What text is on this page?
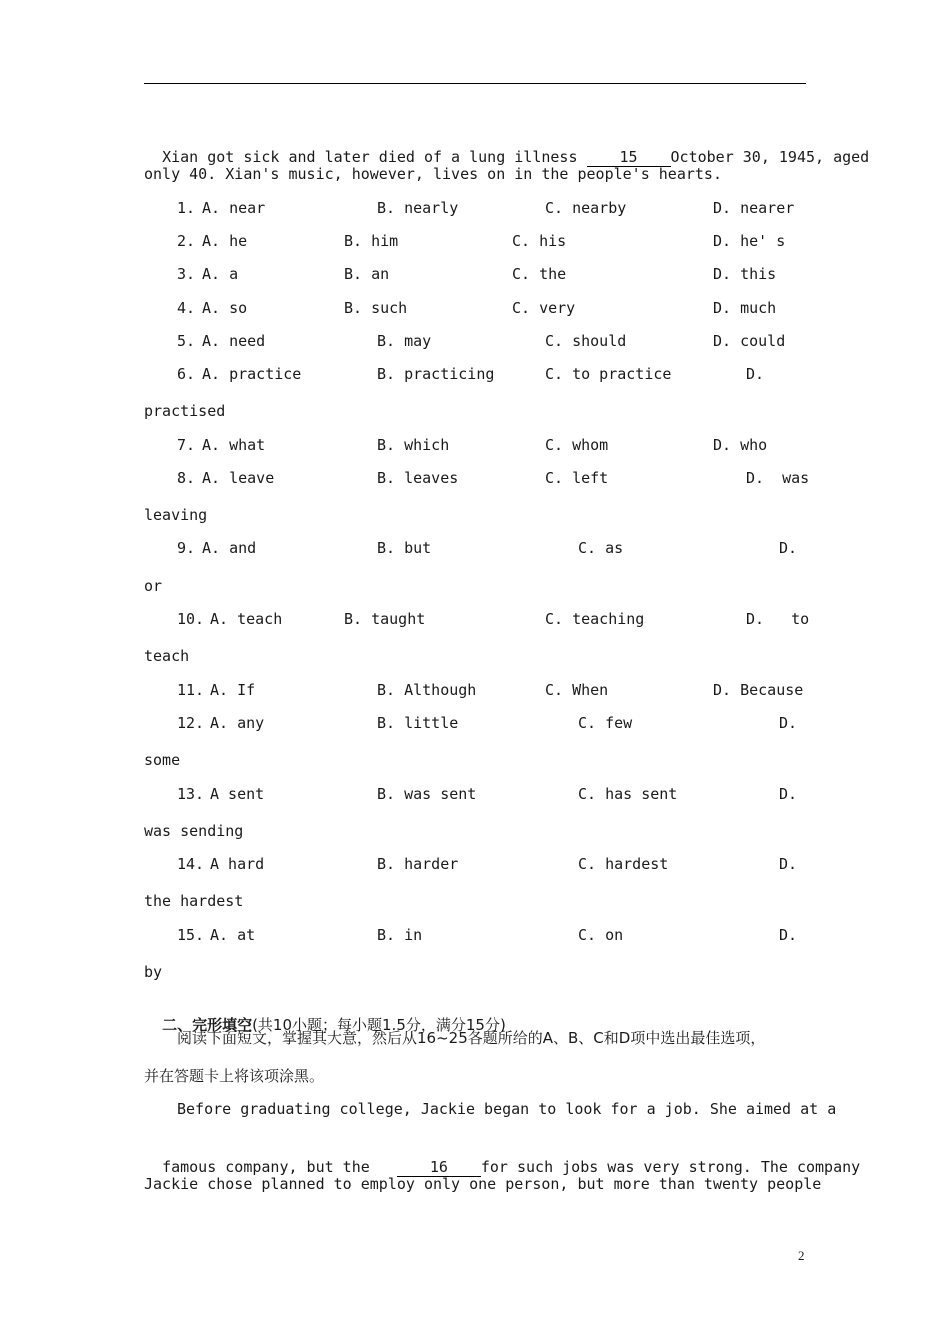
Xian got sick and later died of a lung illness	15 October 30, 1945, aged

only 40. Xian's music, however, lives on in the people's hearts.
1. A. near	B. nearly	C. nearby	D. nearer
2. A. he	B. him	C. his	D. he' s
3. A. a	B. an	C. the	D. this
4. A. so	B. such	C. very	D. much
5. A. need	B. may	C. should	D. could
6. A. practice	B. practicing	C. to practice	D.
practised
7. A. what	B. which	C. whom	D. who
8. A. leave	B. leaves	C. left	D.  was
leaving
9. A. and	B. but	C. as	D.
or
10. A. teach	B. taught	C. teaching	D.   to
teach
11. A. If	B. Although	C. When	D. Because
12. A. any	B. little	C. few	D.
some
13. A sent	B. was sent	C. has sent	D.
was sending
14. A hard	B. harder	C. hardest	D.
the hardest
15. A. at	B. in	C. on	D.
by

二、完形填空(共10小题；每小题1.5分，满分15分)

阅读下面短文，掌握其大意，然后从16~25各题所给的A、B、C和D项中选出最佳选项，
并在答题卡上将该项涂黑。
Before graduating college, Jackie began to look for a job. She aimed at a

famous company, but the	16 for such jobs was very strong. The company

Jackie chose planned to employ only one person, but more than twenty people
2
